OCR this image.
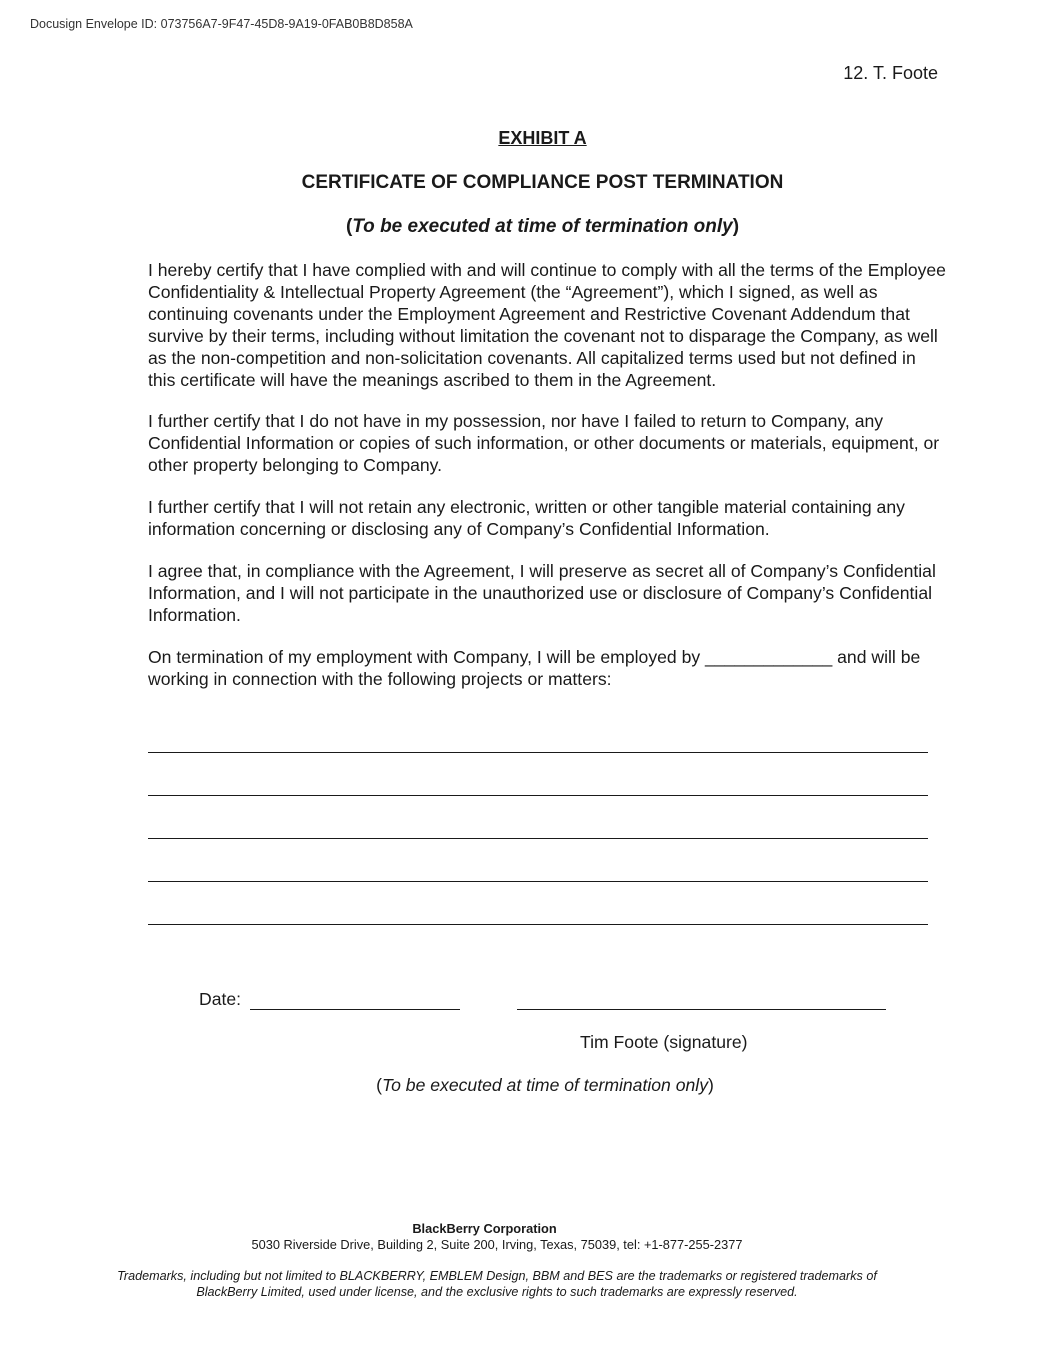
Docusign Envelope ID: 073756A7-9F47-45D8-9A19-0FAB0B8D858A
12. T. Foote
EXHIBIT A
CERTIFICATE OF COMPLIANCE POST TERMINATION
(To be executed at time of termination only)

I hereby certify that I have complied with and will continue to comply with all the terms of the Employee Confidentiality & Intellectual Property Agreement (the “Agreement”), which I signed, as well as continuing covenants under the Employment Agreement and Restrictive Covenant Addendum that survive by their terms, including without limitation the covenant not to disparage the Company, as well as the non-competition and non-solicitation covenants. All capitalized terms used but not defined in this certificate will have the meanings ascribed to them in the Agreement.

I further certify that I do not have in my possession, nor have I failed to return to Company, any Confidential Information or copies of such information, or other documents or materials, equipment, or other property belonging to Company.

I further certify that I will not retain any electronic, written or other tangible material containing any information concerning or disclosing any of Company’s Confidential Information.

I agree that, in compliance with the Agreement, I will preserve as secret all of Company’s Confidential Information, and I will not participate in the unauthorized use or disclosure of Company’s Confidential Information.

On termination of my employment with Company, I will be employed by _____________ and will be working in connection with the following projects or matters:

Date:
Tim Foote (signature)
(To be executed at time of termination only)
BlackBerry Corporation
5030 Riverside Drive, Building 2, Suite 200, Irving, Texas, 75039, tel: +1-877-255-2377
Trademarks, including but not limited to BLACKBERRY, EMBLEM Design, BBM and BES are the trademarks or registered trademarks of
BlackBerry Limited, used under license, and the exclusive rights to such trademarks are expressly reserved.
